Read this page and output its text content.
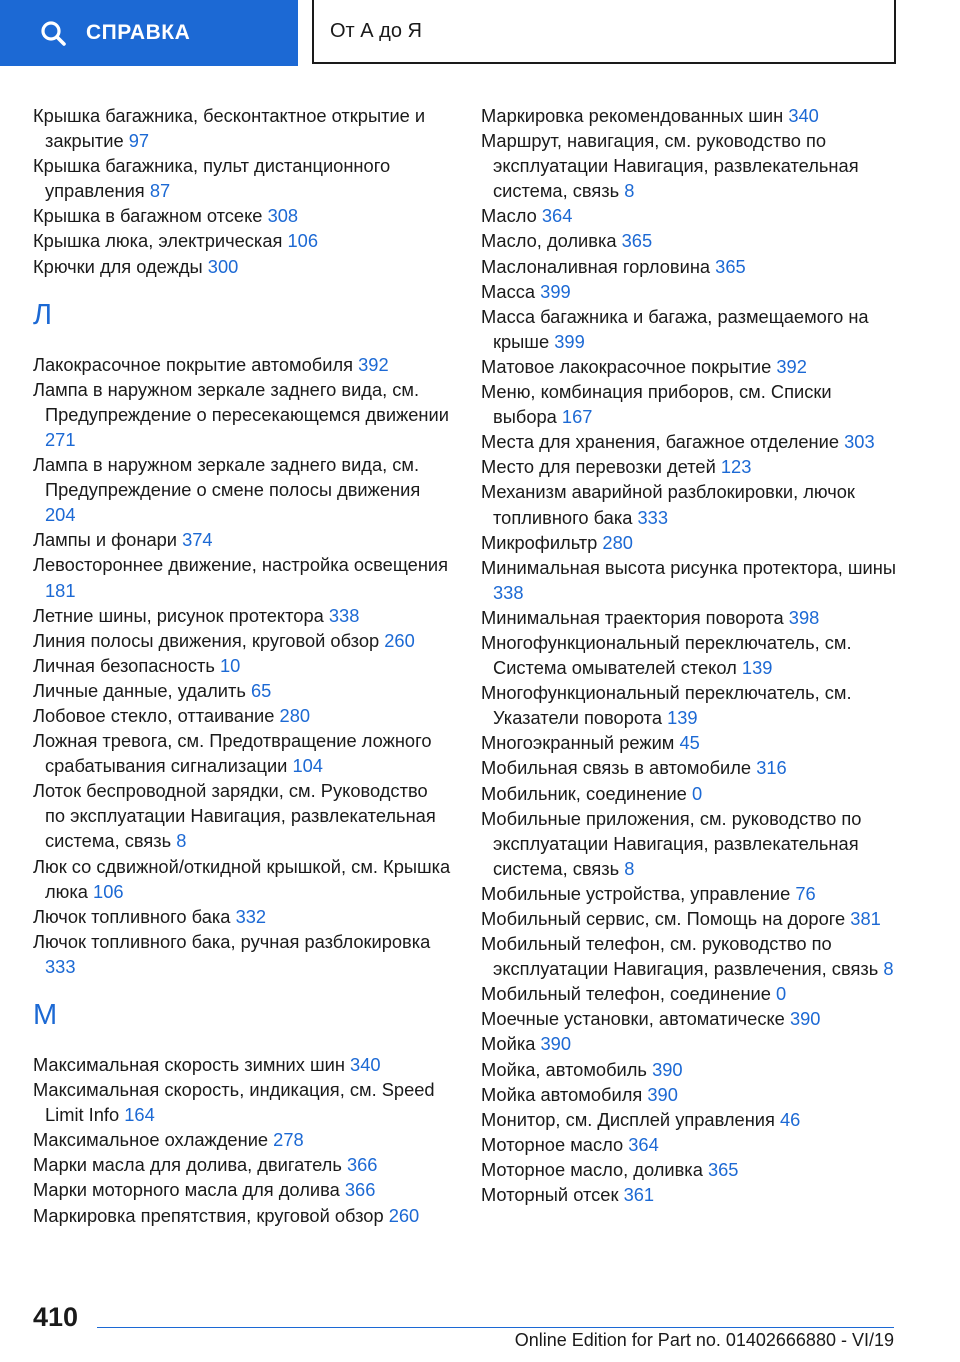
СПРАВКА	От А до Я
Крышка багажника, бесконтактное открытие и закрытие 97
Крышка багажника, пульт дистанционного управления 87
Крышка в багажном отсеке 308
Крышка люка, электрическая 106
Крючки для одежды 300
Л
Лакокрасочное покрытие автомобиля 392
Лампа в наружном зеркале заднего вида, см. Предупреждение о пересекающемся движении 271
Лампа в наружном зеркале заднего вида, см. Предупреждение о смене полосы движения 204
Лампы и фонари 374
Левостороннее движение, настройка освещения 181
Летние шины, рисунок протектора 338
Линия полосы движения, круговой обзор 260
Личная безопасность 10
Личные данные, удалить 65
Лобовое стекло, оттаивание 280
Ложная тревога, см. Предотвращение ложного срабатывания сигнализации 104
Лоток беспроводной зарядки, см. Руководство по эксплуатации Навигация, развлекательная система, связь 8
Люк со сдвижной/откидной крышкой, см. Крышка люка 106
Лючок топливного бака 332
Лючок топливного бака, ручная разблокировка 333
М
Максимальная скорость зимних шин 340
Максимальная скорость, индикация, см. Speed Limit Info 164
Максимальное охлаждение 278
Марки масла для долива, двигатель 366
Марки моторного масла для долива 366
Маркировка препятствия, круговой обзор 260
Маркировка рекомендованных шин 340
Маршрут, навигация, см. руководство по эксплуатации Навигация, развлекательная система, связь 8
Масло 364
Масло, доливка 365
Маслоналивная горловина 365
Масса 399
Масса багажника и багажа, размещаемого на крыше 399
Матовое лакокрасочное покрытие 392
Меню, комбинация приборов, см. Списки выбора 167
Места для хранения, багажное отделение 303
Место для перевозки детей 123
Механизм аварийной разблокировки, лючок топливного бака 333
Микрофильтр 280
Минимальная высота рисунка протектора, шины 338
Минимальная траектория поворота 398
Многофункциональный переключатель, см. Система омывателей стекол 139
Многофункциональный переключатель, см. Указатели поворота 139
Многоэкранный режим 45
Мобильная связь в автомобиле 316
Мобильник, соединение 0
Мобильные приложения, см. руководство по эксплуатации Навигация, развлекательная система, связь 8
Мобильные устройства, управление 76
Мобильный сервис, см. Помощь на дороге 381
Мобильный телефон, см. руководство по эксплуатации Навигация, развлечения, связь 8
Мобильный телефон, соединение 0
Моечные установки, автоматическе 390
Мойка 390
Мойка, автомобиль 390
Мойка автомобиля 390
Монитор, см. Дисплей управления 46
Моторное масло 364
Моторное масло, доливка 365
Моторный отсек 361
410
Online Edition for Part no. 01402666880 - VI/19
